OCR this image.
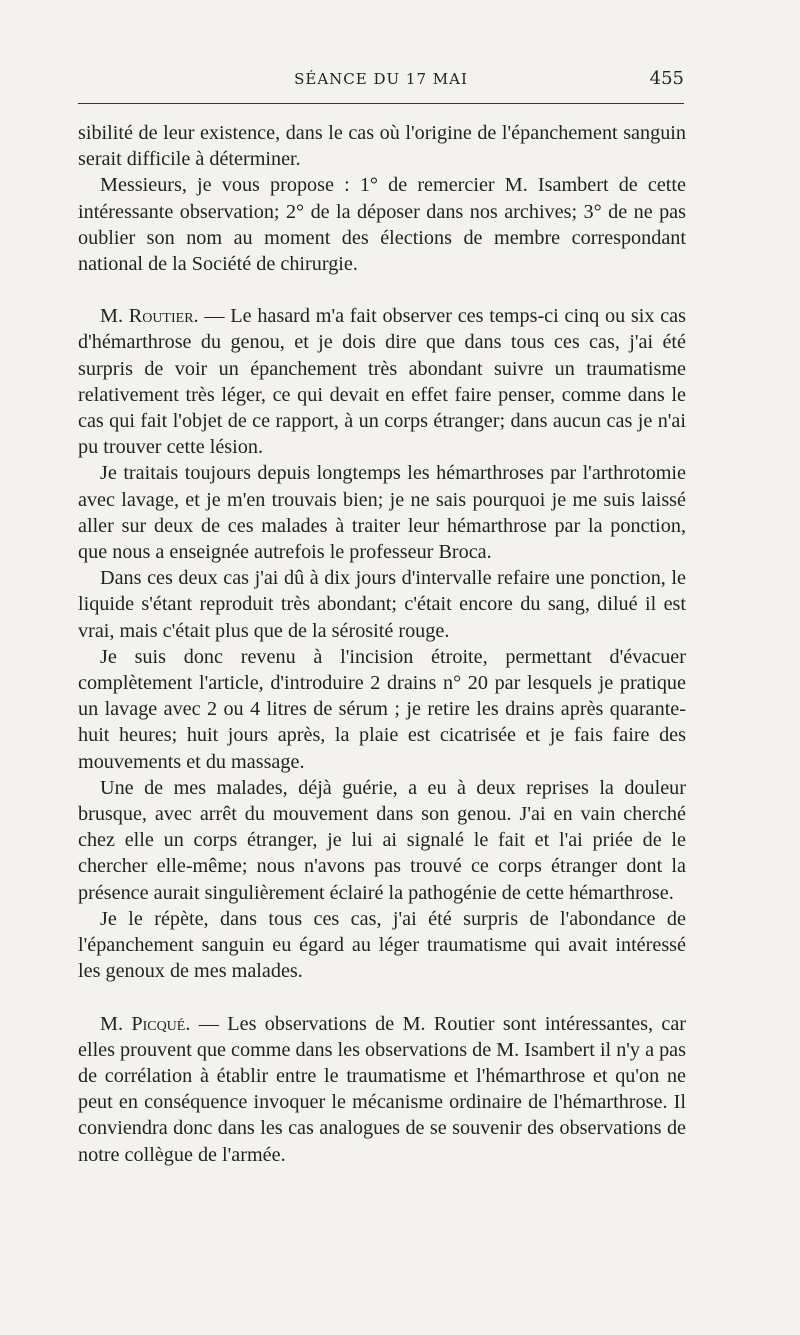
SÉANCE DU 17 MAI	455

sibilité de leur existence, dans le cas où l'origine de l'épanchement sanguin serait difficile à déterminer.

Messieurs, je vous propose : 1° de remercier M. Isambert de cette intéressante observation; 2° de la déposer dans nos archives; 3° de ne pas oublier son nom au moment des élections de membre correspondant national de la Société de chirurgie.

M. Routier. — Le hasard m'a fait observer ces temps-ci cinq ou six cas d'hémarthrose du genou, et je dois dire que dans tous ces cas, j'ai été surpris de voir un épanchement très abondant suivre un traumatisme relativement très léger, ce qui devait en effet faire penser, comme dans le cas qui fait l'objet de ce rapport, à un corps étranger; dans aucun cas je n'ai pu trouver cette lésion.

Je traitais toujours depuis longtemps les hémarthroses par l'arthrotomie avec lavage, et je m'en trouvais bien; je ne sais pourquoi je me suis laissé aller sur deux de ces malades à traiter leur hémarthrose par la ponction, que nous a enseignée autrefois le professeur Broca.

Dans ces deux cas j'ai dû à dix jours d'intervalle refaire une ponction, le liquide s'étant reproduit très abondant; c'était encore du sang, dilué il est vrai, mais c'était plus que de la sérosité rouge.

Je suis donc revenu à l'incision étroite, permettant d'évacuer complètement l'article, d'introduire 2 drains n° 20 par lesquels je pratique un lavage avec 2 ou 4 litres de sérum ; je retire les drains après quarante-huit heures; huit jours après, la plaie est cicatrisée et je fais faire des mouvements et du massage.

Une de mes malades, déjà guérie, a eu à deux reprises la douleur brusque, avec arrêt du mouvement dans son genou. J'ai en vain cherché chez elle un corps étranger, je lui ai signalé le fait et l'ai priée de le chercher elle-même; nous n'avons pas trouvé ce corps étranger dont la présence aurait singulièrement éclairé la pathogénie de cette hémarthrose.

Je le répète, dans tous ces cas, j'ai été surpris de l'abondance de l'épanchement sanguin eu égard au léger traumatisme qui avait intéressé les genoux de mes malades.

M. Picqué. — Les observations de M. Routier sont intéressantes, car elles prouvent que comme dans les observations de M. Isambert il n'y a pas de corrélation à établir entre le traumatisme et l'hémarthrose et qu'on ne peut en conséquence invoquer le mécanisme ordinaire de l'hémarthrose. Il conviendra donc dans les cas analogues de se souvenir des observations de notre collègue de l'armée.
